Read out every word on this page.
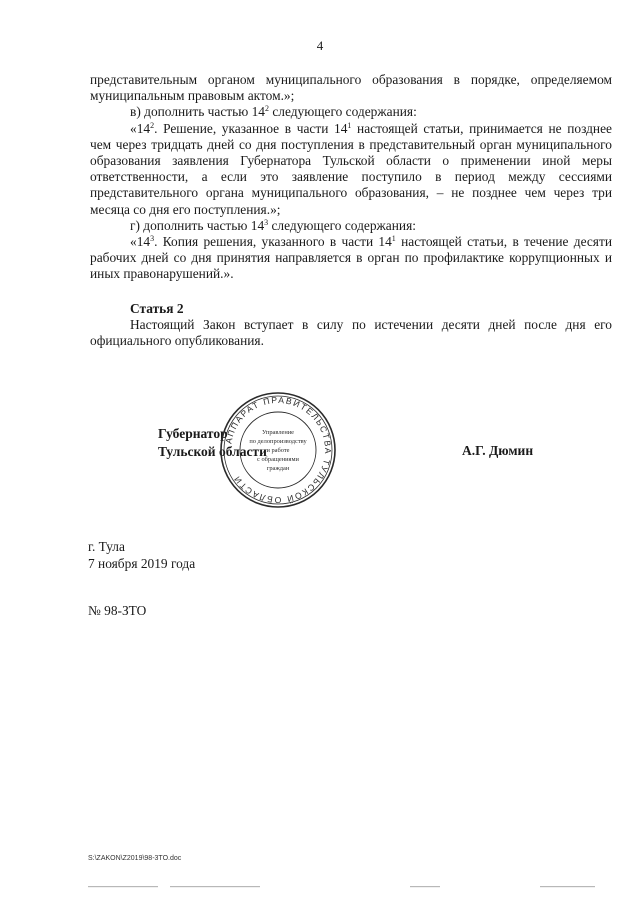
4

представительным органом муниципального образования в порядке, определяемом муниципальным правовым актом.»;

в) дополнить частью $14^2$ следующего содержания:

«$14^2$. Решение, указанное в части $14^1$ настоящей статьи, принимается не позднее чем через тридцать дней со дня поступления в представительный орган муниципального образования заявления Губернатора Тульской области о применении иной меры ответственности, а если это заявление поступило в период между сессиями представительного органа муниципального образования, – не позднее чем через три месяца со дня его поступления.»;

г) дополнить частью $14^3$ следующего содержания:

«$14^3$. Копия решения, указанного в части $14^1$ настоящей статьи, в течение десяти рабочих дней со дня принятия направляется в орган по профилактике коррупционных и иных правонарушений.».

Статья 2

Настоящий Закон вступает в силу по истечении десяти дней после дня его официального опубликования.

Губернатор
Тульской области
АППАРАТ ПРАВИТЕЛЬСТВА ТУЛЬСКОЙ ОБЛАСТИ
Управление
по делопроизводству
и работе
с обращениями
граждан
А.Г. Дюмин
г. Тула
7 ноября 2019 года
№ 98-ЗТО
S:\ZAKON\Z2019\98-3TO.doc
